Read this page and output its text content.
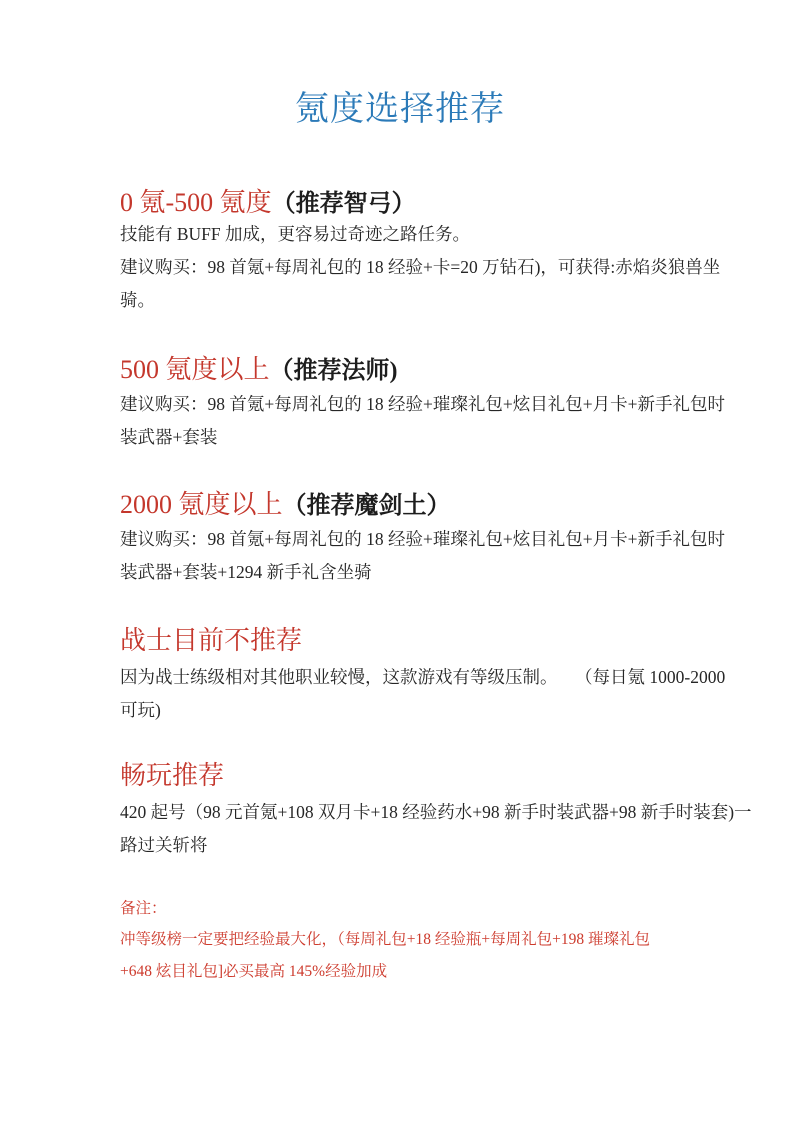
氪度选择推荐
0 氪-500 氪度（推荐智弓）
技能有 BUFF 加成，更容易过奇迹之路任务。
建议购买：98 首氪+每周礼包的 18 经验+卡=20 万钻石)，可获得:赤焰炎狼兽坐
骑。
500 氪度以上（推荐法师)
建议购买：98 首氪+每周礼包的 18 经验+璀璨礼包+炫目礼包+月卡+新手礼包时
装武器+套装
2000 氪度以上（推荐魔剑土）
建议购买：98 首氪+每周礼包的 18 经验+璀璨礼包+炫目礼包+月卡+新手礼包时
装武器+套装+1294 新手礼含坐骑
战士目前不推荐
因为战士练级相对其他职业较慢，这款游戏有等级压制。　　（每日氪 1000-2000
可玩)
畅玩推荐
420 起号（98 元首氪+108 双月卡+18 经验药水+98 新手时装武器+98 新手时装套)一
路过关斩将
备注：
冲等级榜一定要把经验最大化，（每周礼包+18 经验瓶+每周礼包+198 璀璨礼包
+648 炫目礼包]必买最高 145%经验加成
